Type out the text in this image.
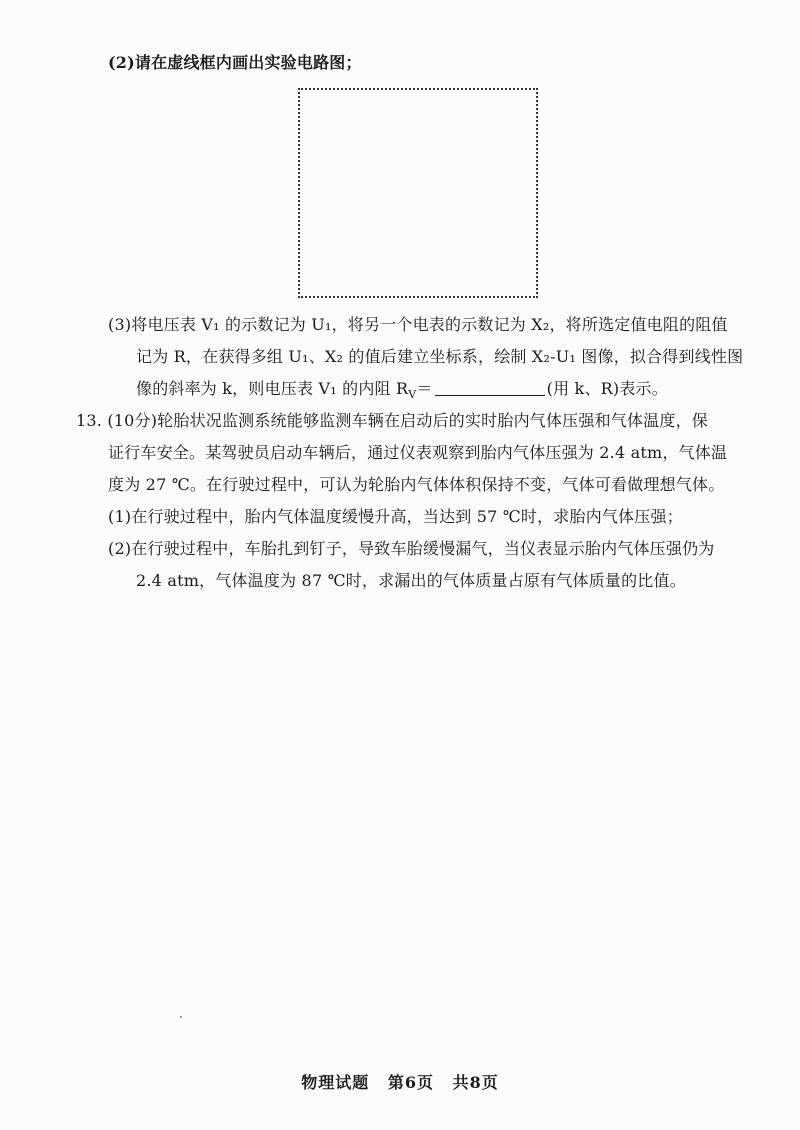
(2)请在虚线框内画出实验电路图；
(3)将电压表 V₁ 的示数记为 U₁，将另一个电表的示数记为 X₂，将所选定值电阻的阻值
记为 R，在获得多组 U₁、X₂ 的值后建立坐标系，绘制 X₂-U₁ 图像，拟合得到线性图
像的斜率为 k，则电压表 V₁ 的内阻 $R_V=$	(用 k、R)表示。
13. (10分)轮胎状况监测系统能够监测车辆在启动后的实时胎内气体压强和气体温度，保
证行车安全。某驾驶员启动车辆后，通过仪表观察到胎内气体压强为 2.4 atm，气体温
度为 27 ℃。在行驶过程中，可认为轮胎内气体体积保持不变，气体可看做理想气体。
(1)在行驶过程中，胎内气体温度缓慢升高，当达到 57 ℃时，求胎内气体压强；
(2)在行驶过程中，车胎扎到钉子，导致车胎缓慢漏气，当仪表显示胎内气体压强仍为
2.4 atm，气体温度为 87 ℃时，求漏出的气体质量占原有气体质量的比值。
物理试题 第6页 共8页
